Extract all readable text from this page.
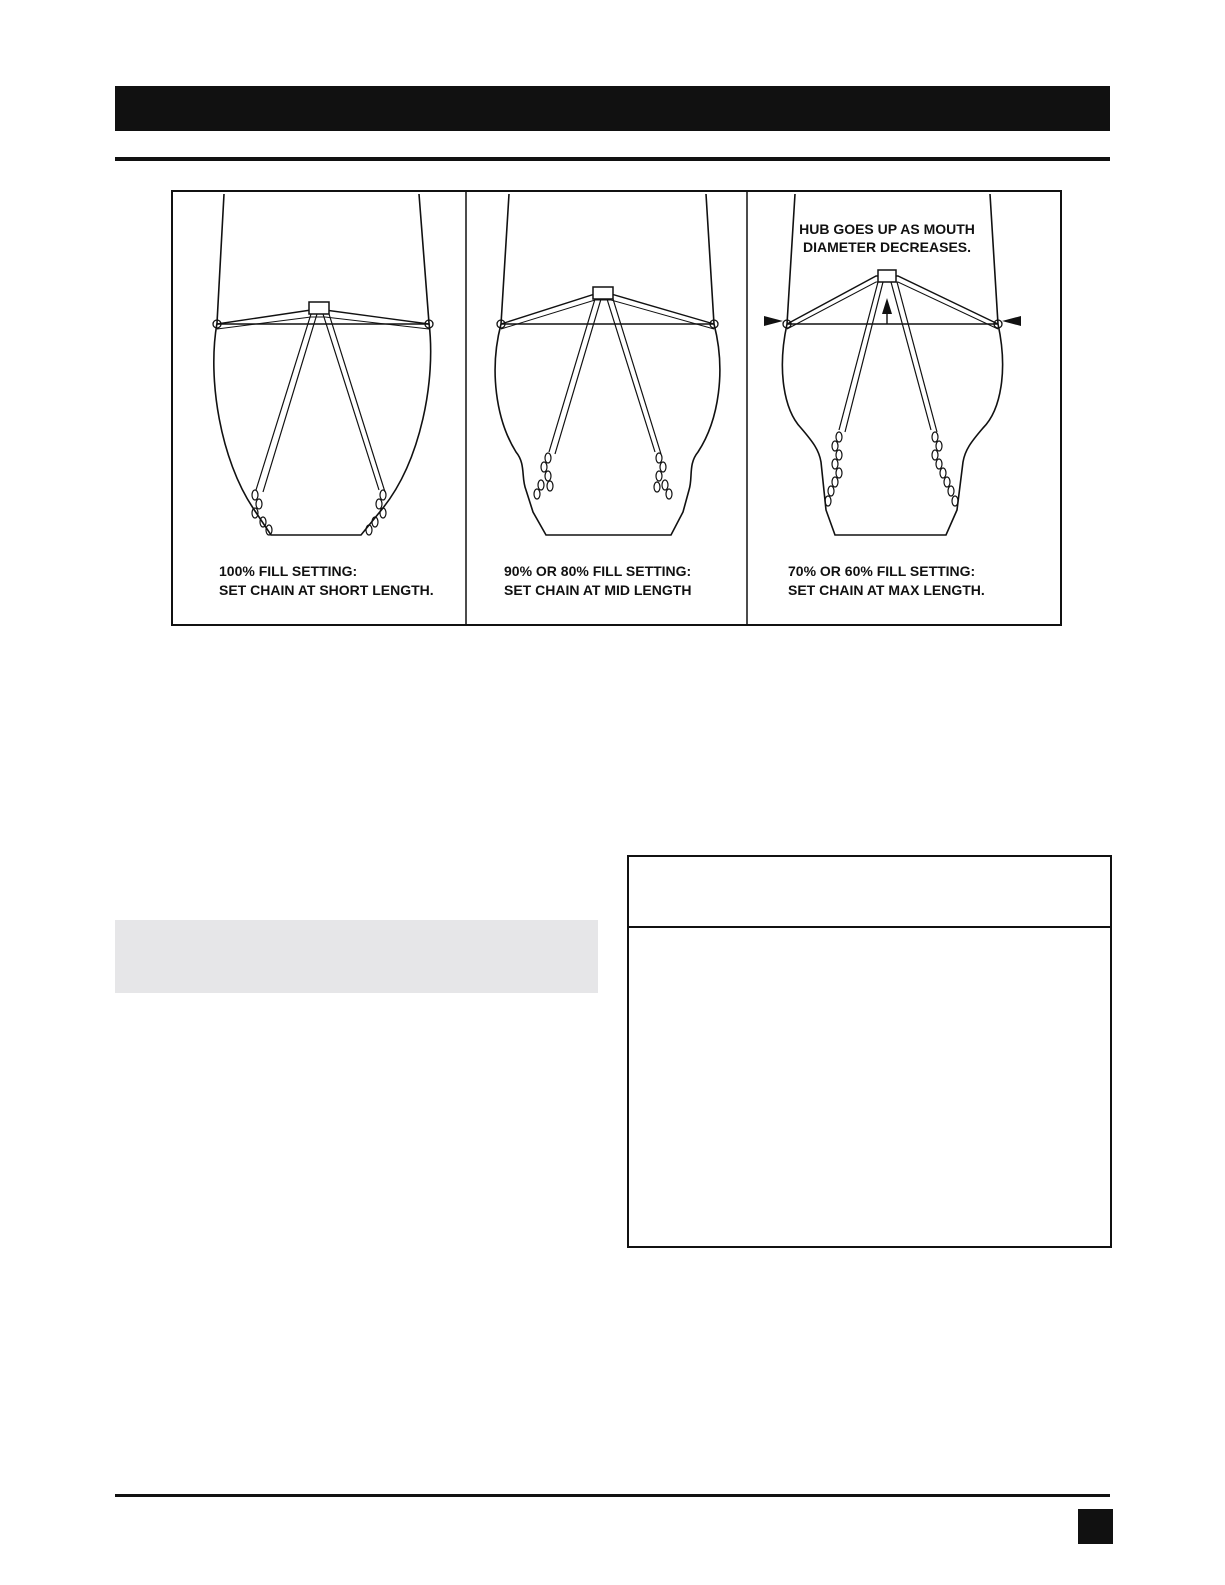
100% FILL SETTING:
SET CHAIN AT SHORT LENGTH.
90% OR 80% FILL SETTING:
SET CHAIN AT MID LENGTH
HUB GOES UP AS MOUTH
DIAMETER DECREASES.
70% OR 60% FILL SETTING:
SET CHAIN AT MAX LENGTH.
